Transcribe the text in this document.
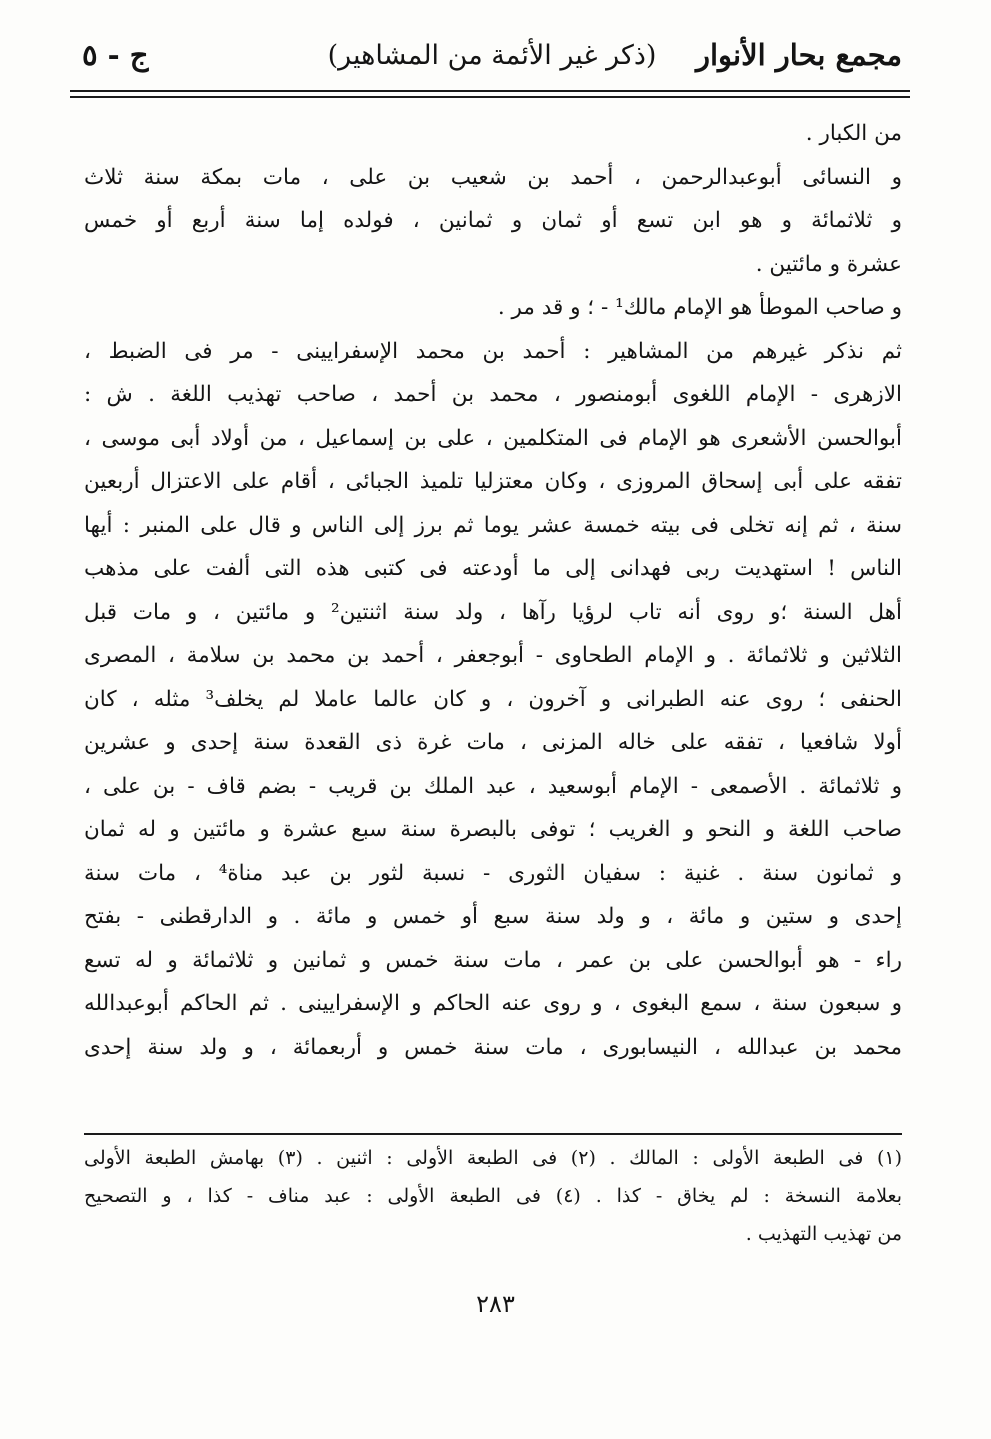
مجمع بحار الأنوار
(ذكر غير الأئمة من المشاهير)
ج - ٥
من الكبار .
و النسائى أبوعبدالرحمن ، أحمد بن شعيب بن على ، مات بمكة سنة ثلاث
و ثلاثمائة و هو ابن تسع أو ثمان و ثمانين ، فولده إما سنة أربع أو خمس
عشرة و مائتين .
و صاحب الموطأ هو الإمام مالك¹ - ؛ و قد مر .
ثم نذكر غيرهم من المشاهير : أحمد بن محمد الإسفرايينى - مر فى الضبط ،
الازهرى - الإمام اللغوى أبومنصور ، محمد بن أحمد ، صاحب تهذيب اللغة . ش :
أبوالحسن الأشعرى هو الإمام فى المتكلمين ، على بن إسماعيل ، من أولاد أبى موسى ،
تفقه على أبى إسحاق المروزى ، وكان معتزليا تلميذ الجبائى ، أقام على الاعتزال أربعين
سنة ، ثم إنه تخلى فى بيته خمسة عشر يوما ثم برز إلى الناس و قال على المنبر : أيها
الناس ! استهديت ربى فهدانى إلى ما أودعته فى كتبى هذه التى ألفت على مذهب
أهل السنة ؛و روى أنه تاب لرؤيا رآها ، ولد سنة اثنتين² و مائتين ، و مات قبل
الثلاثين و ثلاثمائة . و الإمام الطحاوى - أبوجعفر ، أحمد بن محمد بن سلامة ، المصرى
الحنفى ؛ روى عنه الطبرانى و آخرون ، و كان عالما عاملا لم يخلف³ مثله ، كان
أولا شافعيا ، تفقه على خاله المزنى ، مات غرة ذى القعدة سنة إحدى و عشرين
و ثلاثمائة . الأصمعى - الإمام أبوسعيد ، عبد الملك بن قريب - بضم قاف - بن على ،
صاحب اللغة و النحو و الغريب ؛ توفى بالبصرة سنة سبع عشرة و مائتين و له ثمان
و ثمانون سنة . غنية : سفيان الثورى - نسبة لثور بن عبد مناة⁴ ، مات سنة
إحدى و ستين و مائة ، و ولد سنة سبع أو خمس و مائة . و الدارقطنى - بفتح
راء - هو أبوالحسن على بن عمر ، مات سنة خمس و ثمانين و ثلاثمائة و له تسع
و سبعون سنة ، سمع البغوى ، و روى عنه الحاكم و الإسفرايينى . ثم الحاكم أبوعبدالله
محمد بن عبدالله ، النيسابورى ، مات سنة خمس و أربعمائة ، و ولد سنة إحدى
(١) فى الطبعة الأولى : المالك . (٢) فى الطبعة الأولى : اثنين . (٣) بهامش الطبعة الأولى
بعلامة النسخة : لم يخاق - كذا . (٤) فى الطبعة الأولى : عبد مناف - كذا ، و التصحيح
من تهذيب التهذيب .
٢٨٣
